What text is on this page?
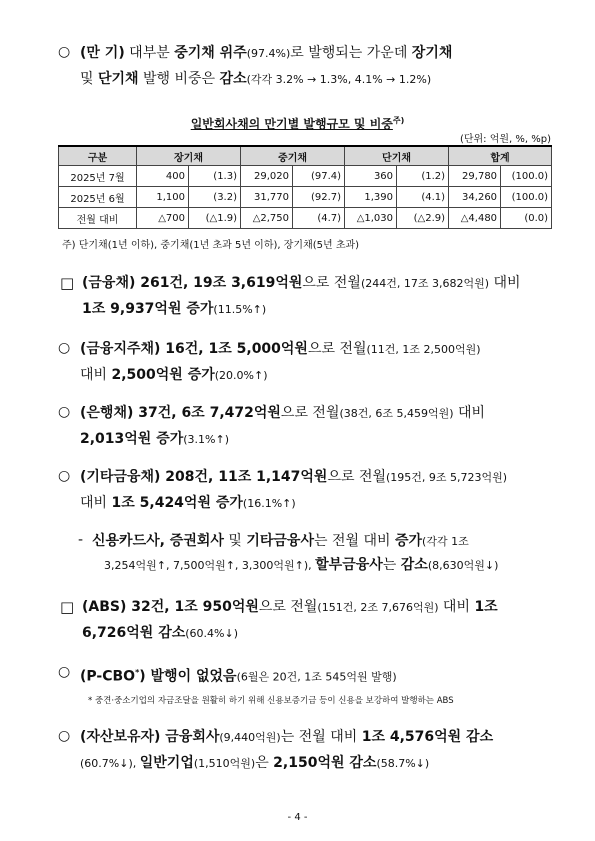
○ (만 기) 대부분 중기채 위주(97.4%)로 발행되는 가운데 장기채
및 단기채 발행 비중은 감소(각각 3.2% → 1.3%, 4.1% → 1.2%)
일반회사채의 만기별 발행규모 및 비중$^{주)}$
(단위: 억원, %, %p)
구분	장기채		중기채		단기채		합계	
2025년 7월	400	(1.3)	29,020	(97.4)	360	(1.2)	29,780	(100.0)
2025년 6월	1,100	(3.2)	31,770	(92.7)	1,390	(4.1)	34,260	(100.0)
전월 대비	△700	(△1.9)	△2,750	(4.7)	△1,030	(△2.9)	△4,480	(0.0)
주) 단기채(1년 이하), 중기채(1년 초과 5년 이하), 장기채(5년 초과)
□ (금융채) 261건, 19조 3,619억원으로 전월(244건, 17조 3,682억원) 대비
1조 9,937억원 증가(11.5%↑)
○ (금융지주채) 16건, 1조 5,000억원으로 전월(11건, 1조 2,500억원)
대비 2,500억원 증가(20.0%↑)
○ (은행채) 37건, 6조 7,472억원으로 전월(38건, 6조 5,459억원) 대비
2,013억원 증가(3.1%↑)
○ (기타금융채) 208건, 11조 1,147억원으로 전월(195건, 9조 5,723억원)
대비 1조 5,424억원 증가(16.1%↑)
- 신용카드사, 증권회사 및 기타금융사는 전월 대비 증가(각각 1조
3,254억원↑, 7,500억원↑, 3,300억원↑), 할부금융사는 감소(8,630억원↓)
□ (ABS) 32건, 1조 950억원으로 전월(151건, 2조 7,676억원) 대비 1조
6,726억원 감소(60.4%↓)
○ (P-CBO*) 발행이 없었음(6월은 20건, 1조 545억원 발행)
* 중견·중소기업의 자금조달을 원활히 하기 위해 신용보증기금 등이 신용을 보강하여 발행하는 ABS
○ (자산보유자) 금융회사(9,440억원)는 전월 대비 1조 4,576억원 감소
(60.7%↓), 일반기업(1,510억원)은 2,150억원 감소(58.7%↓)
- 4 -
